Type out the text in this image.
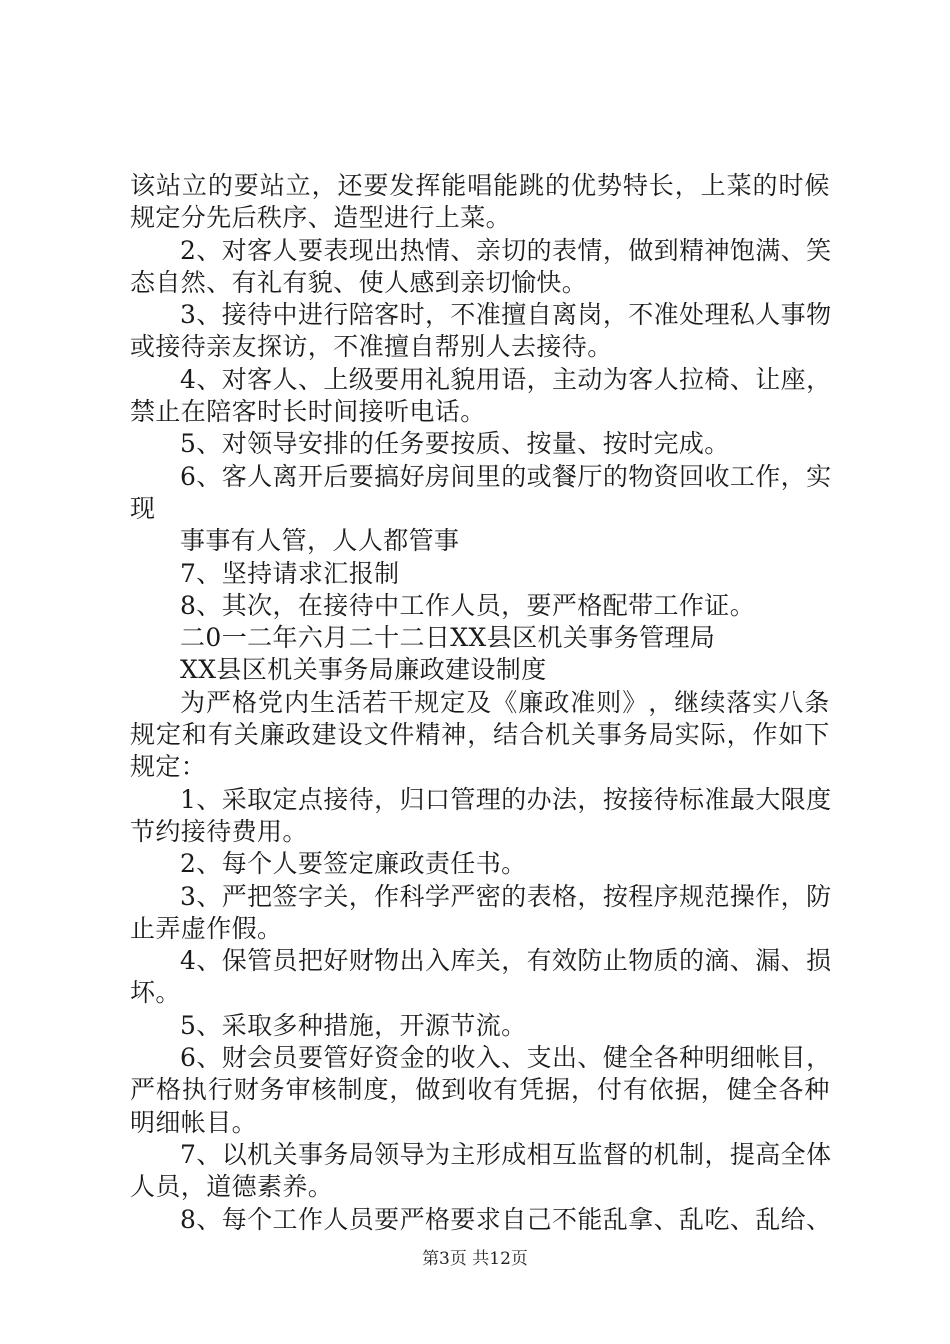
该 站 立 的 要 站 立 ， 还 要 发 挥 能 唱 能 跳 的 优 势 特 长 ， 上 菜 的 时 候
规定分先后秩序、造型进行上菜。
2 、 对 客 人 要 表 现 出 热 情 、 亲 切 的 表 情 ， 做 到 精 神 饱 满 、 笑
态自然、有礼有貌、使人感到亲切愉快。
3 、 接 待 中 进 行 陪 客 时 ， 不 准 擅 自 离 岗 ， 不 准 处 理 私 人 事 物
或接待亲友探访，不准擅自帮别人去接待。
4 、 对 客 人 、 上 级 要 用 礼 貌 用 语 ， 主 动 为 客 人 拉 椅 、 让 座 ，
禁止在陪客时长时间接听电话。
5、对领导安排的任务要按质、按量、按时完成。
6 、 客 人 离 开 后 要 搞 好 房 间 里 的 或 餐 厅 的 物 资 回 收 工 作 ， 实
现
事事有人管，人人都管事
7、坚持请求汇报制
8、其次，在接待中工作人员，要严格配带工作证。
二0一二年六月二十二日XX县区机关事务管理局
XX县区机关事务局廉政建设制度
为 严 格 党 内 生 活 若 干 规 定 及 《 廉 政 准 则 》 ， 继 续 落 实 八 条
规 定 和 有 关 廉 政 建 设 文 件 精 神 ， 结 合 机 关 事 务 局 实 际 ， 作 如 下
规定：
1 、 采 取 定 点 接 待 ， 归 口 管 理 的 办 法 ， 按 接 待 标 准 最 大 限 度
节约接待费用。
2、每个人要签定廉政责任书。
3 、 严 把 签 字 关 ， 作 科 学 严 密 的 表 格 ， 按 程 序 规 范 操 作 ， 防
止弄虚作假。
4 、 保 管 员 把 好 财 物 出 入 库 关 ， 有 效 防 止 物 质 的 滴 、 漏 、 损
坏。
5、采取多种措施，开源节流。
6 、 财 会 员 要 管 好 资 金 的 收 入 、 支 出 、 健 全 各 种 明 细 帐 目 ，
严 格 执 行 财 务 审 核 制 度 ， 做 到 收 有 凭 据 ， 付 有 依 据 ， 健 全 各 种
明细帐目。
7 、 以 机 关 事 务 局 领 导 为 主 形 成 相 互 监 督 的 机 制 ， 提 高 全 体
人员，道德素养。
8 、 每 个 工 作 人 员 要 严 格 要 求 自 己 不 能 乱 拿 、 乱 吃 、 乱 给 、
第3页 共12页
